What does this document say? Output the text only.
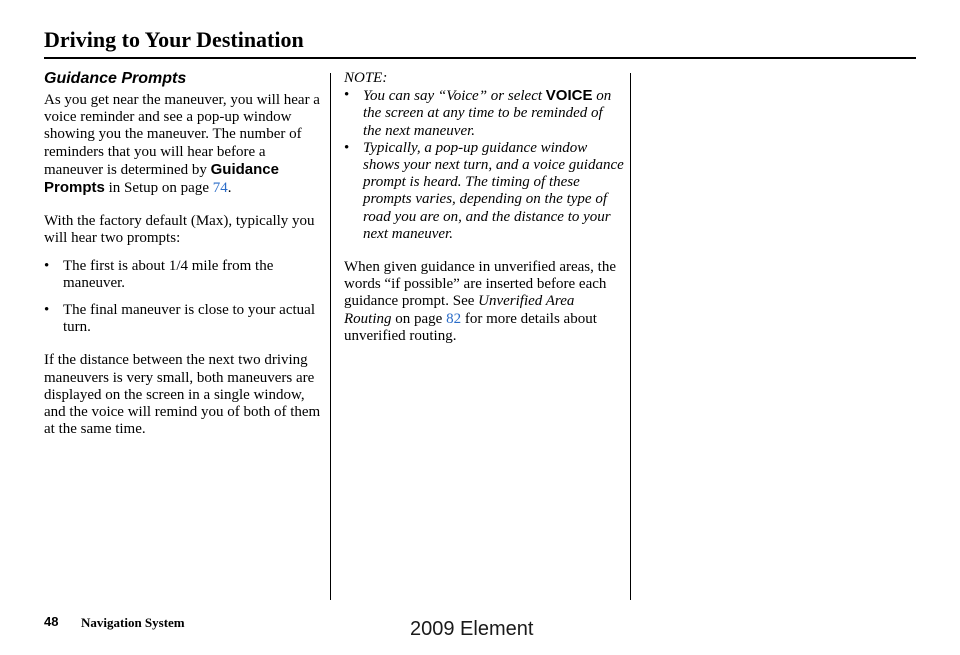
Driving to Your Destination
Guidance Prompts

As you get near the maneuver, you will hear a voice reminder and see a pop-up window showing you the maneuver. The number of reminders that you will hear before a maneuver is determined by Guidance Prompts in Setup on page 74.

With the factory default (Max), typically you will hear two prompts:

• The first is about 1/4 mile from the maneuver.
• The final maneuver is close to your actual turn.

If the distance between the next two driving maneuvers is very small, both maneuvers are displayed on the screen in a single window, and the voice will remind you of both of them at the same time.

NOTE:
• You can say “Voice” or select VOICE on the screen at any time to be reminded of the next maneuver.
• Typically, a pop-up guidance window shows your next turn, and a voice guidance prompt is heard. The timing of these prompts varies, depending on the type of road you are on, and the distance to your next maneuver.

When given guidance in unverified areas, the words “if possible” are inserted before each guidance prompt. See Unverified Area Routing on page 82 for more details about unverified routing.

48 Navigation System	2009 Element
